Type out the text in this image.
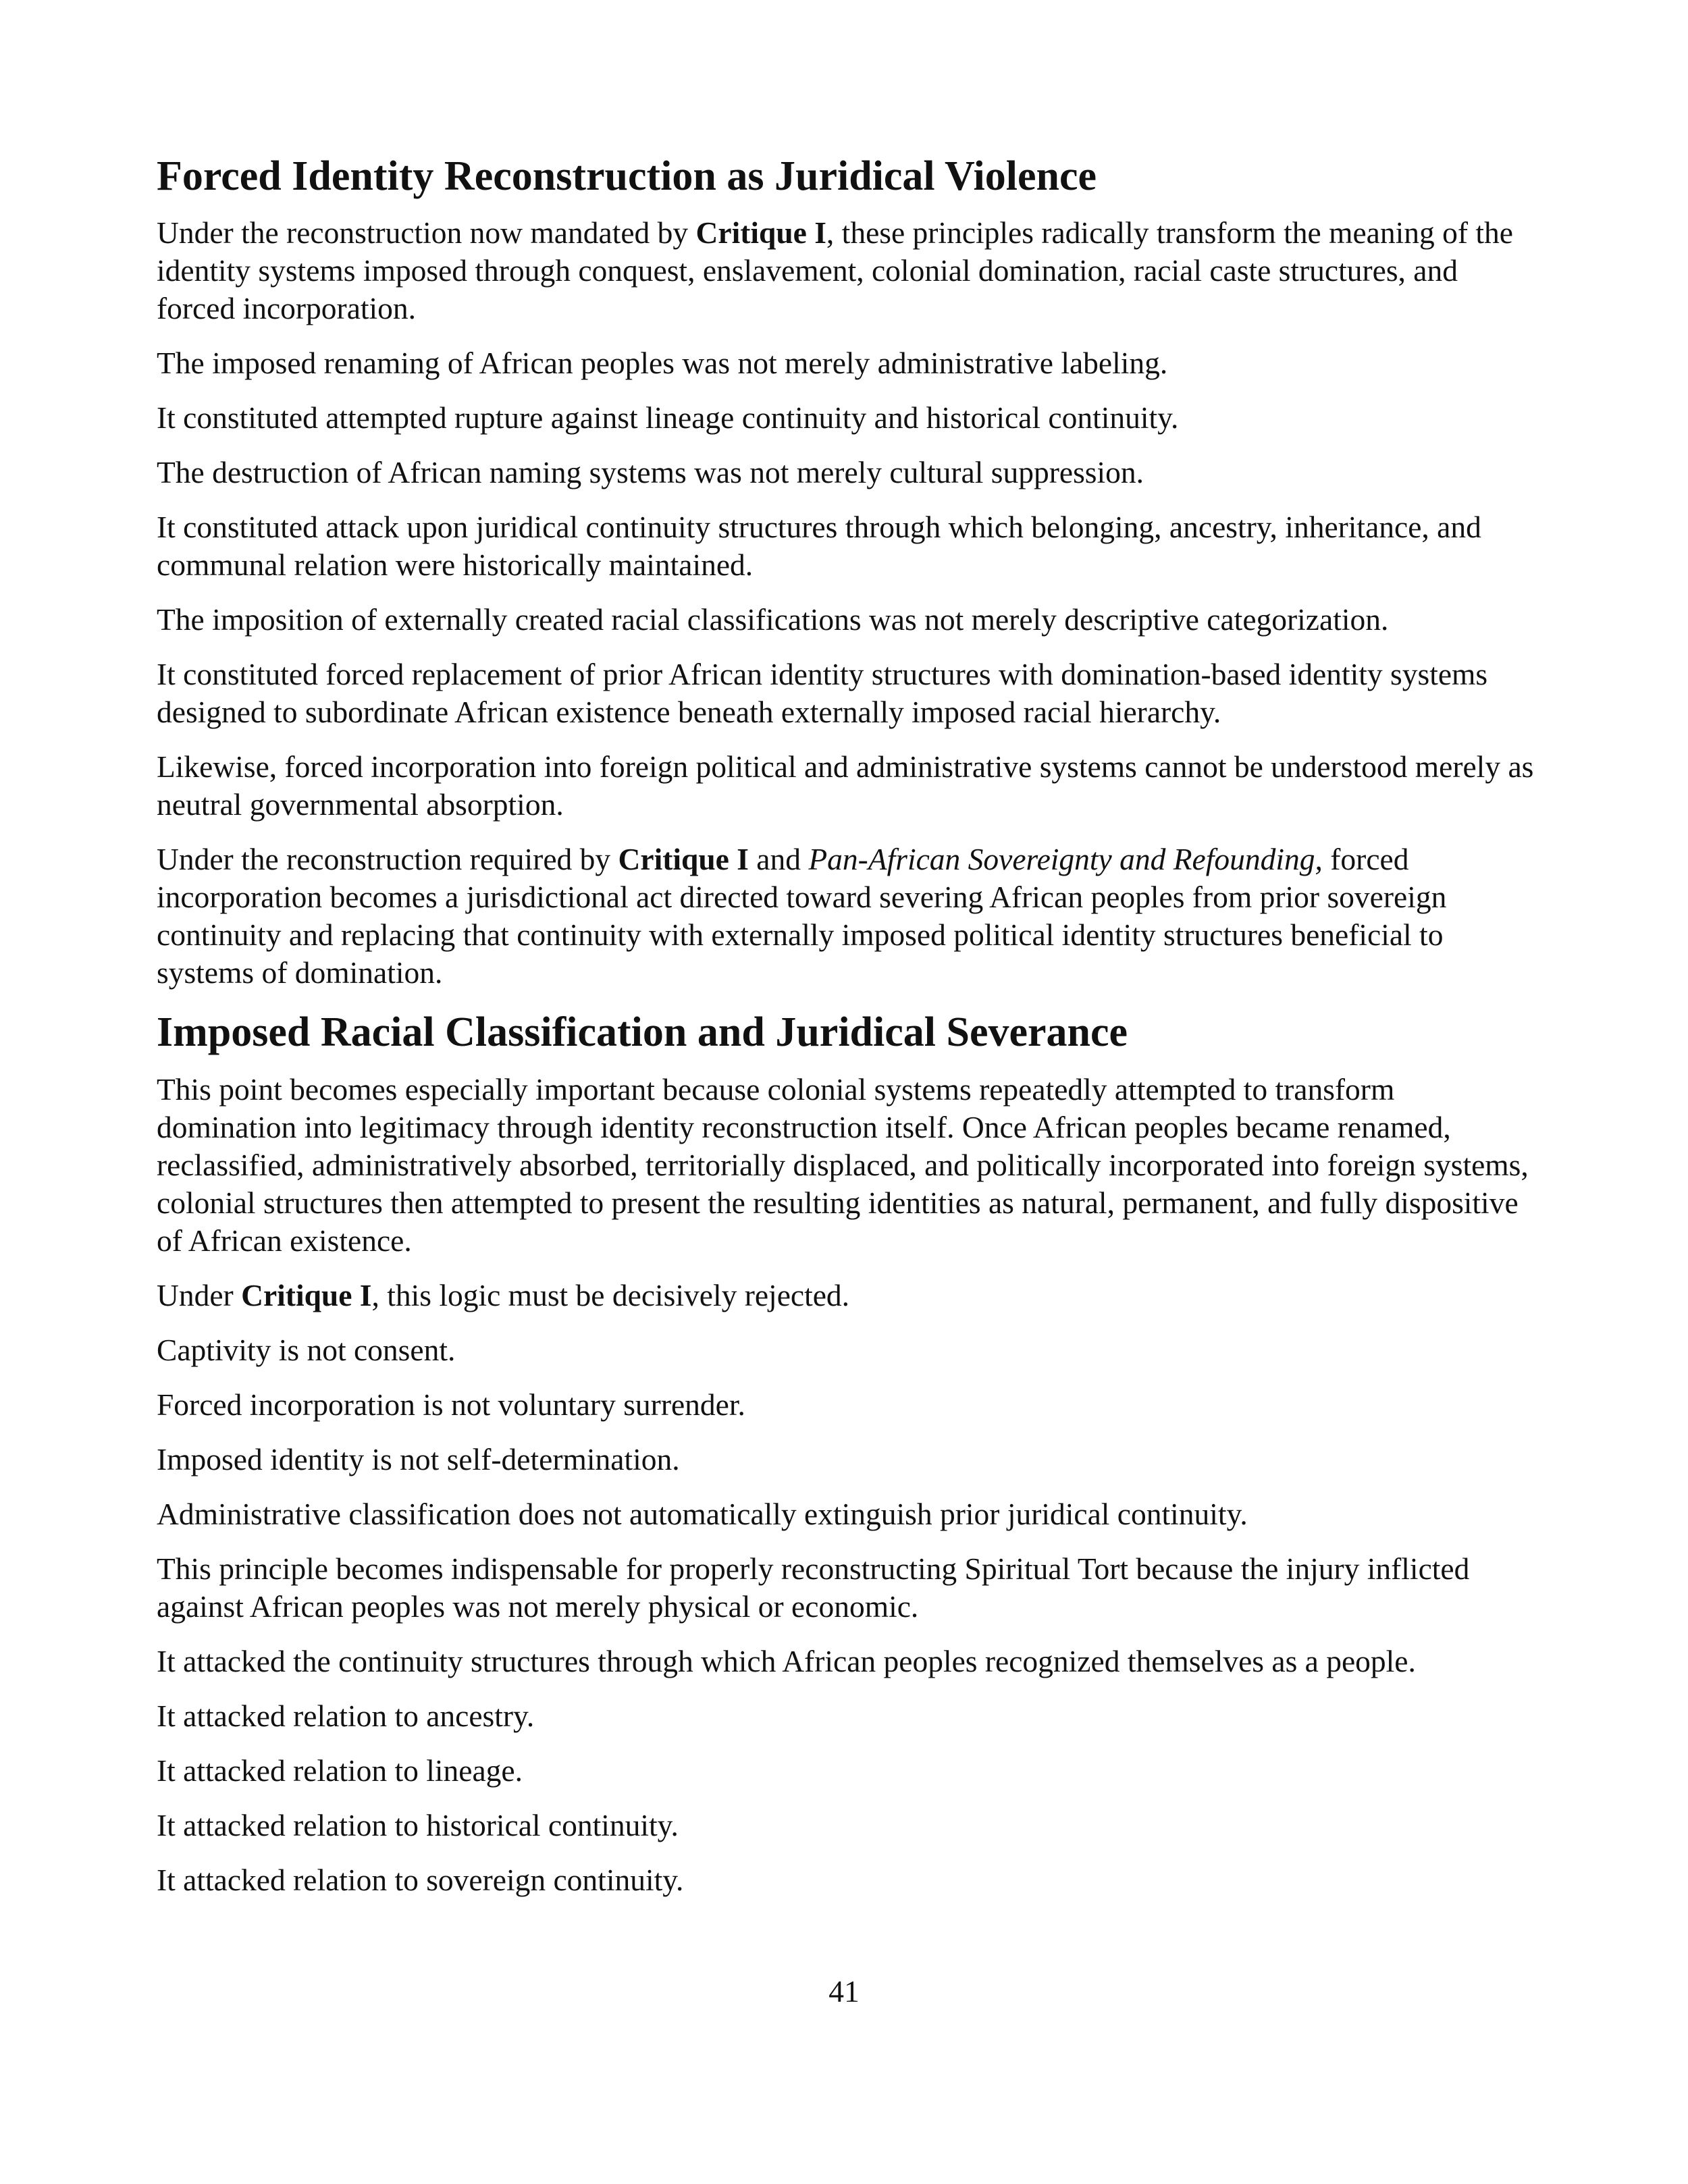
Forced Identity Reconstruction as Juridical Violence

Under the reconstruction now mandated by Critique I, these principles radically transform the meaning of the identity systems imposed through conquest, enslavement, colonial domination, racial caste structures, and forced incorporation.

The imposed renaming of African peoples was not merely administrative labeling.

It constituted attempted rupture against lineage continuity and historical continuity.

The destruction of African naming systems was not merely cultural suppression.

It constituted attack upon juridical continuity structures through which belonging, ancestry, inheritance, and communal relation were historically maintained.

The imposition of externally created racial classifications was not merely descriptive categorization.

It constituted forced replacement of prior African identity structures with domination-based identity systems designed to subordinate African existence beneath externally imposed racial hierarchy.

Likewise, forced incorporation into foreign political and administrative systems cannot be understood merely as neutral governmental absorption.

Under the reconstruction required by Critique I and Pan-African Sovereignty and Refounding, forced incorporation becomes a jurisdictional act directed toward severing African peoples from prior sovereign continuity and replacing that continuity with externally imposed political identity structures beneficial to systems of domination.

Imposed Racial Classification and Juridical Severance

This point becomes especially important because colonial systems repeatedly attempted to transform domination into legitimacy through identity reconstruction itself. Once African peoples became renamed, reclassified, administratively absorbed, territorially displaced, and politically incorporated into foreign systems, colonial structures then attempted to present the resulting identities as natural, permanent, and fully dispositive of African existence.

Under Critique I, this logic must be decisively rejected.

Captivity is not consent.

Forced incorporation is not voluntary surrender.

Imposed identity is not self-determination.

Administrative classification does not automatically extinguish prior juridical continuity.

This principle becomes indispensable for properly reconstructing Spiritual Tort because the injury inflicted against African peoples was not merely physical or economic.

It attacked the continuity structures through which African peoples recognized themselves as a people.

It attacked relation to ancestry.

It attacked relation to lineage.

It attacked relation to historical continuity.

It attacked relation to sovereign continuity.

41
